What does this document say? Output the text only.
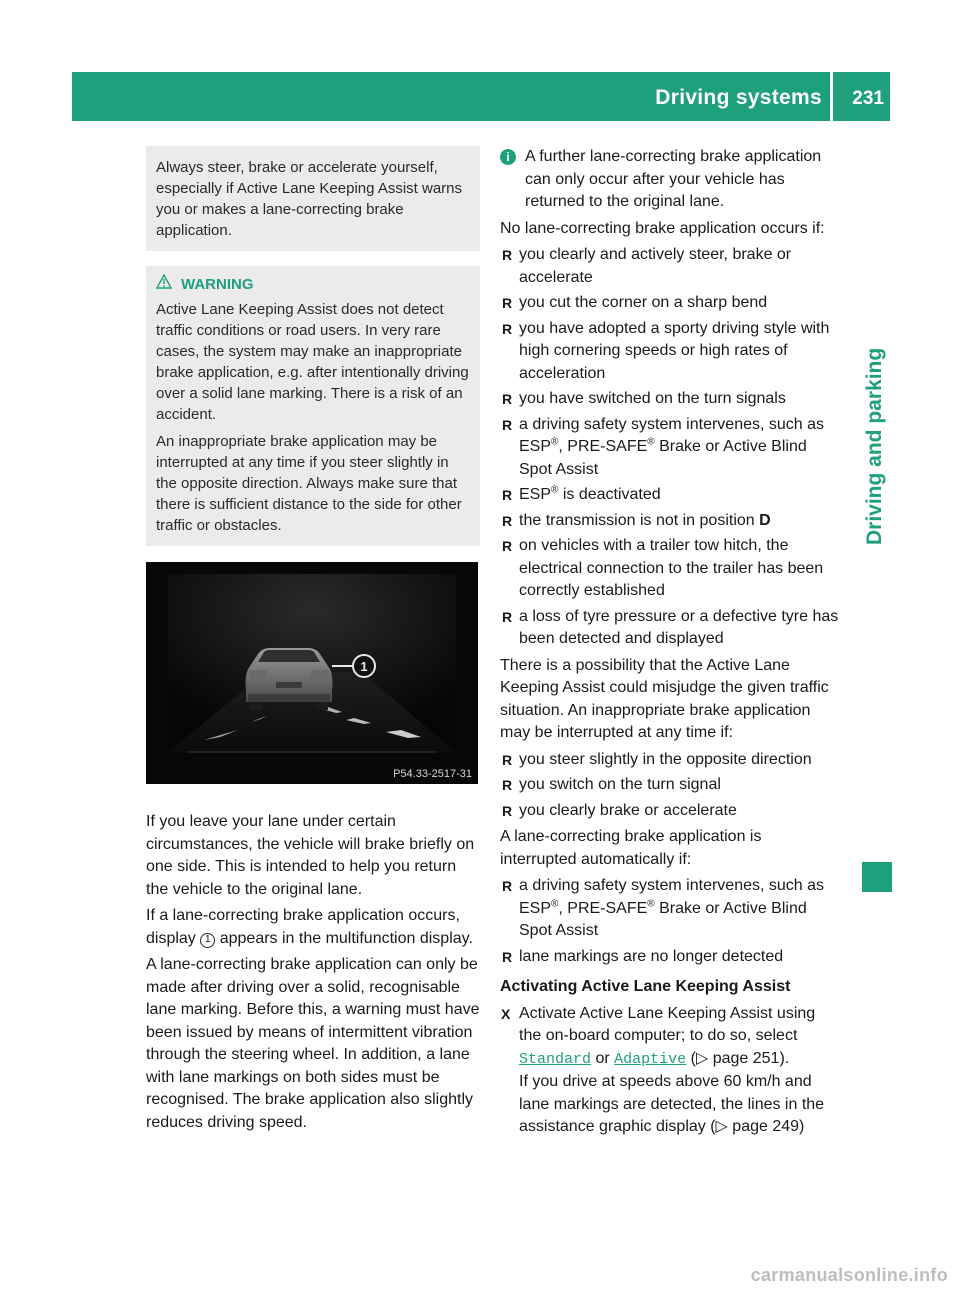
Driving systems 231
Driving and parking

Always steer, brake or accelerate yourself, especially if Active Lane Keeping Assist warns you or makes a lane-correcting brake application.

WARNING

Active Lane Keeping Assist does not detect traffic conditions or road users. In very rare cases, the system may make an inappropriate brake application, e.g. after intentionally driving over a solid lane marking. There is a risk of an accident.

An inappropriate brake application may be interrupted at any time if you steer slightly in the opposite direction. Always make sure that there is sufficient distance to the side for other traffic or obstacles.

1
P54.33-2517-31

If you leave your lane under certain circumstances, the vehicle will brake briefly on one side. This is intended to help you return the vehicle to the original lane.

If a lane-correcting brake application occurs, display 1 appears in the multifunction display.

A lane-correcting brake application can only be made after driving over a solid, recognisable lane marking. Before this, a warning must have been issued by means of intermittent vibration through the steering wheel. In addition, a lane with lane markings on both sides must be recognised. The brake application also slightly reduces driving speed.

i A further lane-correcting brake application can only occur after your vehicle has returned to the original lane.

No lane-correcting brake application occurs if:

R you clearly and actively steer, brake or accelerate
R you cut the corner on a sharp bend
R you have adopted a sporty driving style with high cornering speeds or high rates of acceleration
R you have switched on the turn signals
R a driving safety system intervenes, such as ESP®, PRE-SAFE® Brake or Active Blind Spot Assist
R ESP® is deactivated
R the transmission is not in position D
R on vehicles with a trailer tow hitch, the electrical connection to the trailer has been correctly established
R a loss of tyre pressure or a defective tyre has been detected and displayed

There is a possibility that the Active Lane Keeping Assist could misjudge the given traffic situation. An inappropriate brake application may be interrupted at any time if:

R you steer slightly in the opposite direction
R you switch on the turn signal
R you clearly brake or accelerate

A lane-correcting brake application is interrupted automatically if:

R a driving safety system intervenes, such as ESP®, PRE-SAFE® Brake or Active Blind Spot Assist
R lane markings are no longer detected

Activating Active Lane Keeping Assist

X Activate Active Lane Keeping Assist using the on-board computer; to do so, select Standard or Adaptive (▷ page 251).
If you drive at speeds above 60 km/h and lane markings are detected, the lines in the assistance graphic display (▷ page 249)
carmanualsonline.info
